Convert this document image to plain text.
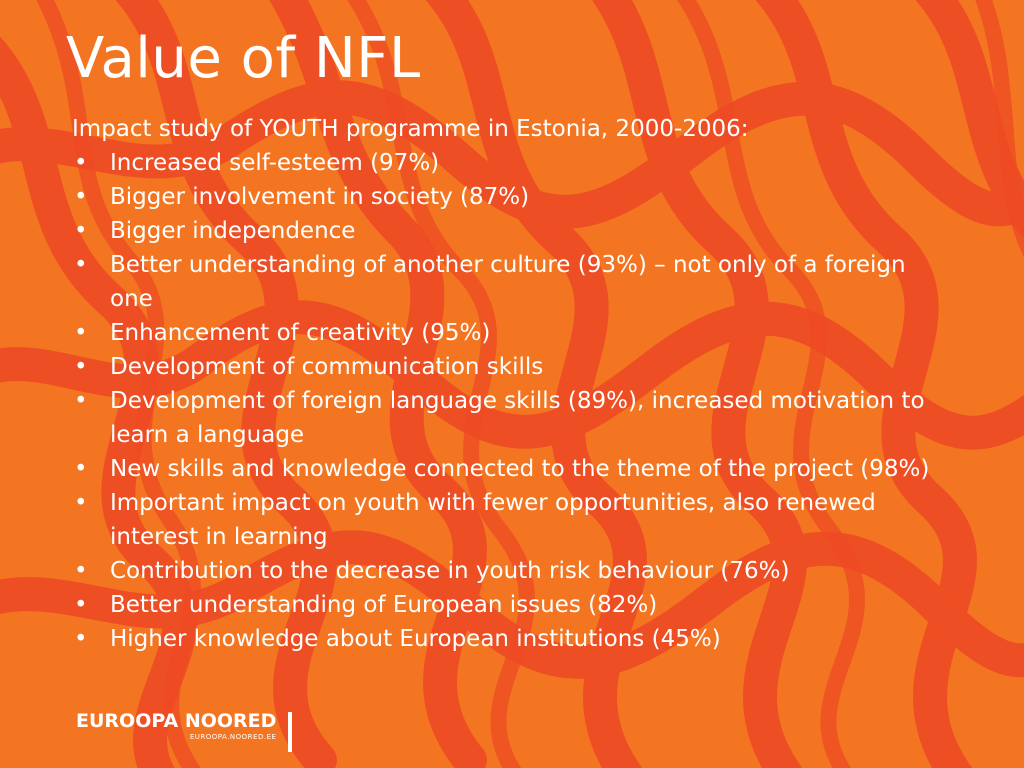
Value of NFL

Impact study of YOUTH programme in Estonia, 2000-2006:

• Increased self-esteem (97%)
• Bigger involvement in society (87%)
• Bigger independence
• Better understanding of another culture (93%) – not only of a foreign one
• Enhancement of creativity (95%)
• Development of communication skills
• Development of foreign language skills (89%), increased motivation to learn a language
• New skills and knowledge connected to the theme of the project (98%)
• Important impact on youth with fewer opportunities, also renewed interest in learning
• Contribution to the decrease in youth risk behaviour (76%)
• Better understanding of European issues (82%)
• Higher knowledge about European institutions (45%)
EUROOPA NOORED
EUROOPA.NOORED.EE
